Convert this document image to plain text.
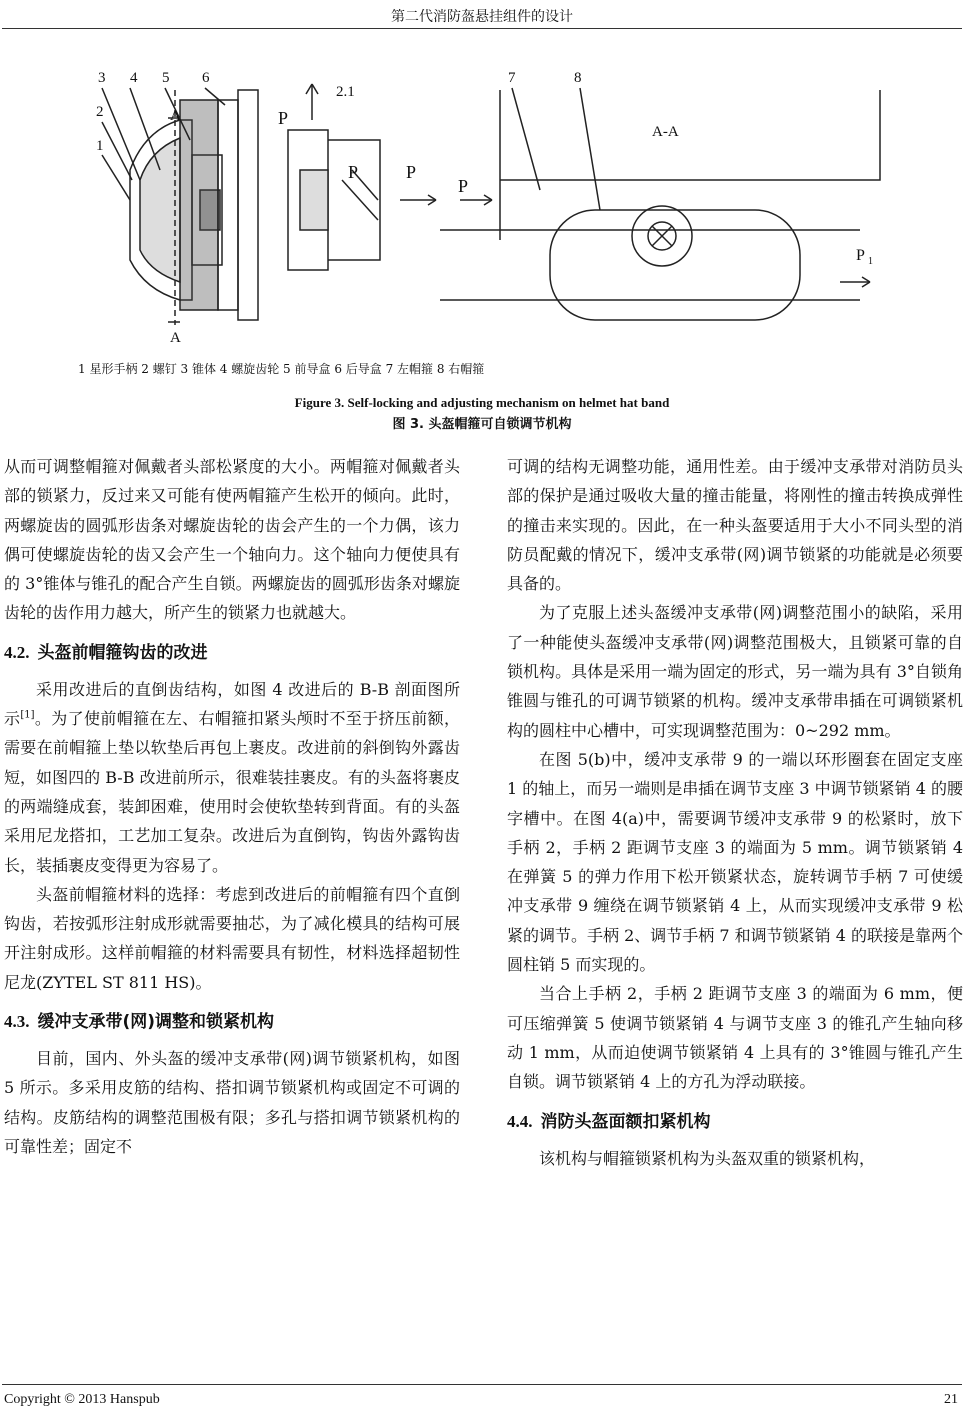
第二代消防盔悬挂组件的设计
3 4 5 6
2
1
A
A
2.1
P
P	P
P
7	8
A-A
P 1
1 星形手柄 2 螺钉 3 锥体 4 螺旋齿轮 5 前导盒 6 后导盒 7 左帽箍 8 右帽箍
Figure 3. Self-locking and adjusting mechanism on helmet hat band
图 3. 头盔帽箍可自锁调节机构

从而可调整帽箍对佩戴者头部松紧度的大小。两帽箍对佩戴者头部的锁紧力，反过来又可能有使两帽箍产生松开的倾向。此时，两螺旋齿的圆弧形齿条对螺旋齿轮的齿会产生的一个力偶，该力偶可使螺旋齿轮的齿又会产生一个轴向力。这个轴向力便使具有的 3°锥体与锥孔的配合产生自锁。两螺旋齿的圆弧形齿条对螺旋齿轮的齿作用力越大，所产生的锁紧力也就越大。

4.2. 头盔前帽箍钩齿的改进

采用改进后的直倒齿结构，如图 4 改进后的 B-B 剖面图所示[1]。为了使前帽箍在左、右帽箍扣紧头颅时不至于挤压前额，需要在前帽箍上垫以软垫后再包上裹皮。改进前的斜倒钩外露齿短，如图四的 B-B 改进前所示，很难装挂裹皮。有的头盔将裹皮的两端缝成套，装卸困难，使用时会使软垫转到背面。有的头盔采用尼龙搭扣，工艺加工复杂。改进后为直倒钩，钩齿外露钩齿长，装插裹皮变得更为容易了。

头盔前帽箍材料的选择：考虑到改进后的前帽箍有四个直倒钩齿，若按弧形注射成形就需要抽芯，为了减化模具的结构可展开注射成形。这样前帽箍的材料需要具有韧性，材料选择超韧性尼龙(ZYTEL ST 811 HS)。

4.3. 缓冲支承带(网)调整和锁紧机构

目前，国内、外头盔的缓冲支承带(网)调节锁紧机构，如图 5 所示。多采用皮筋的结构、搭扣调节锁紧机构或固定不可调的结构。皮筋结构的调整范围极有限；多孔与搭扣调节锁紧机构的可靠性差；固定不

可调的结构无调整功能，通用性差。由于缓冲支承带对消防员头部的保护是通过吸收大量的撞击能量，将刚性的撞击转换成弹性的撞击来实现的。因此，在一种头盔要适用于大小不同头型的消防员配戴的情况下，缓冲支承带(网)调节锁紧的功能就是必须要具备的。

为了克服上述头盔缓冲支承带(网)调整范围小的缺陷，采用了一种能使头盔缓冲支承带(网)调整范围极大，且锁紧可靠的自锁机构。具体是采用一端为固定的形式，另一端为具有 3°自锁角锥圆与锥孔的可调节锁紧的机构。缓冲支承带串插在可调锁紧机构的圆柱中心槽中，可实现调整范围为：0~292 mm。

在图 5(b)中，缓冲支承带 9 的一端以环形圈套在固定支座 1 的轴上，而另一端则是串插在调节支座 3 中调节锁紧销 4 的腰字槽中。在图 4(a)中，需要调节缓冲支承带 9 的松紧时，放下手柄 2，手柄 2 距调节支座 3 的端面为 5 mm。调节锁紧销 4 在弹簧 5 的弹力作用下松开锁紧状态，旋转调节手柄 7 可使缓冲支承带 9 缠绕在调节锁紧销 4 上，从而实现缓冲支承带 9 松紧的调节。手柄 2、调节手柄 7 和调节锁紧销 4 的联接是靠两个圆柱销 5 而实现的。

当合上手柄 2，手柄 2 距调节支座 3 的端面为 6 mm，便可压缩弹簧 5 使调节锁紧销 4 与调节支座 3 的锥孔产生轴向移动 1 mm，从而迫使调节锁紧销 4 上具有的 3°锥圆与锥孔产生自锁。调节锁紧销 4 上的方孔为浮动联接。

4.4. 消防头盔面额扣紧机构

该机构与帽箍锁紧机构为头盔双重的锁紧机构，

Copyright © 2013 Hanspub	21
